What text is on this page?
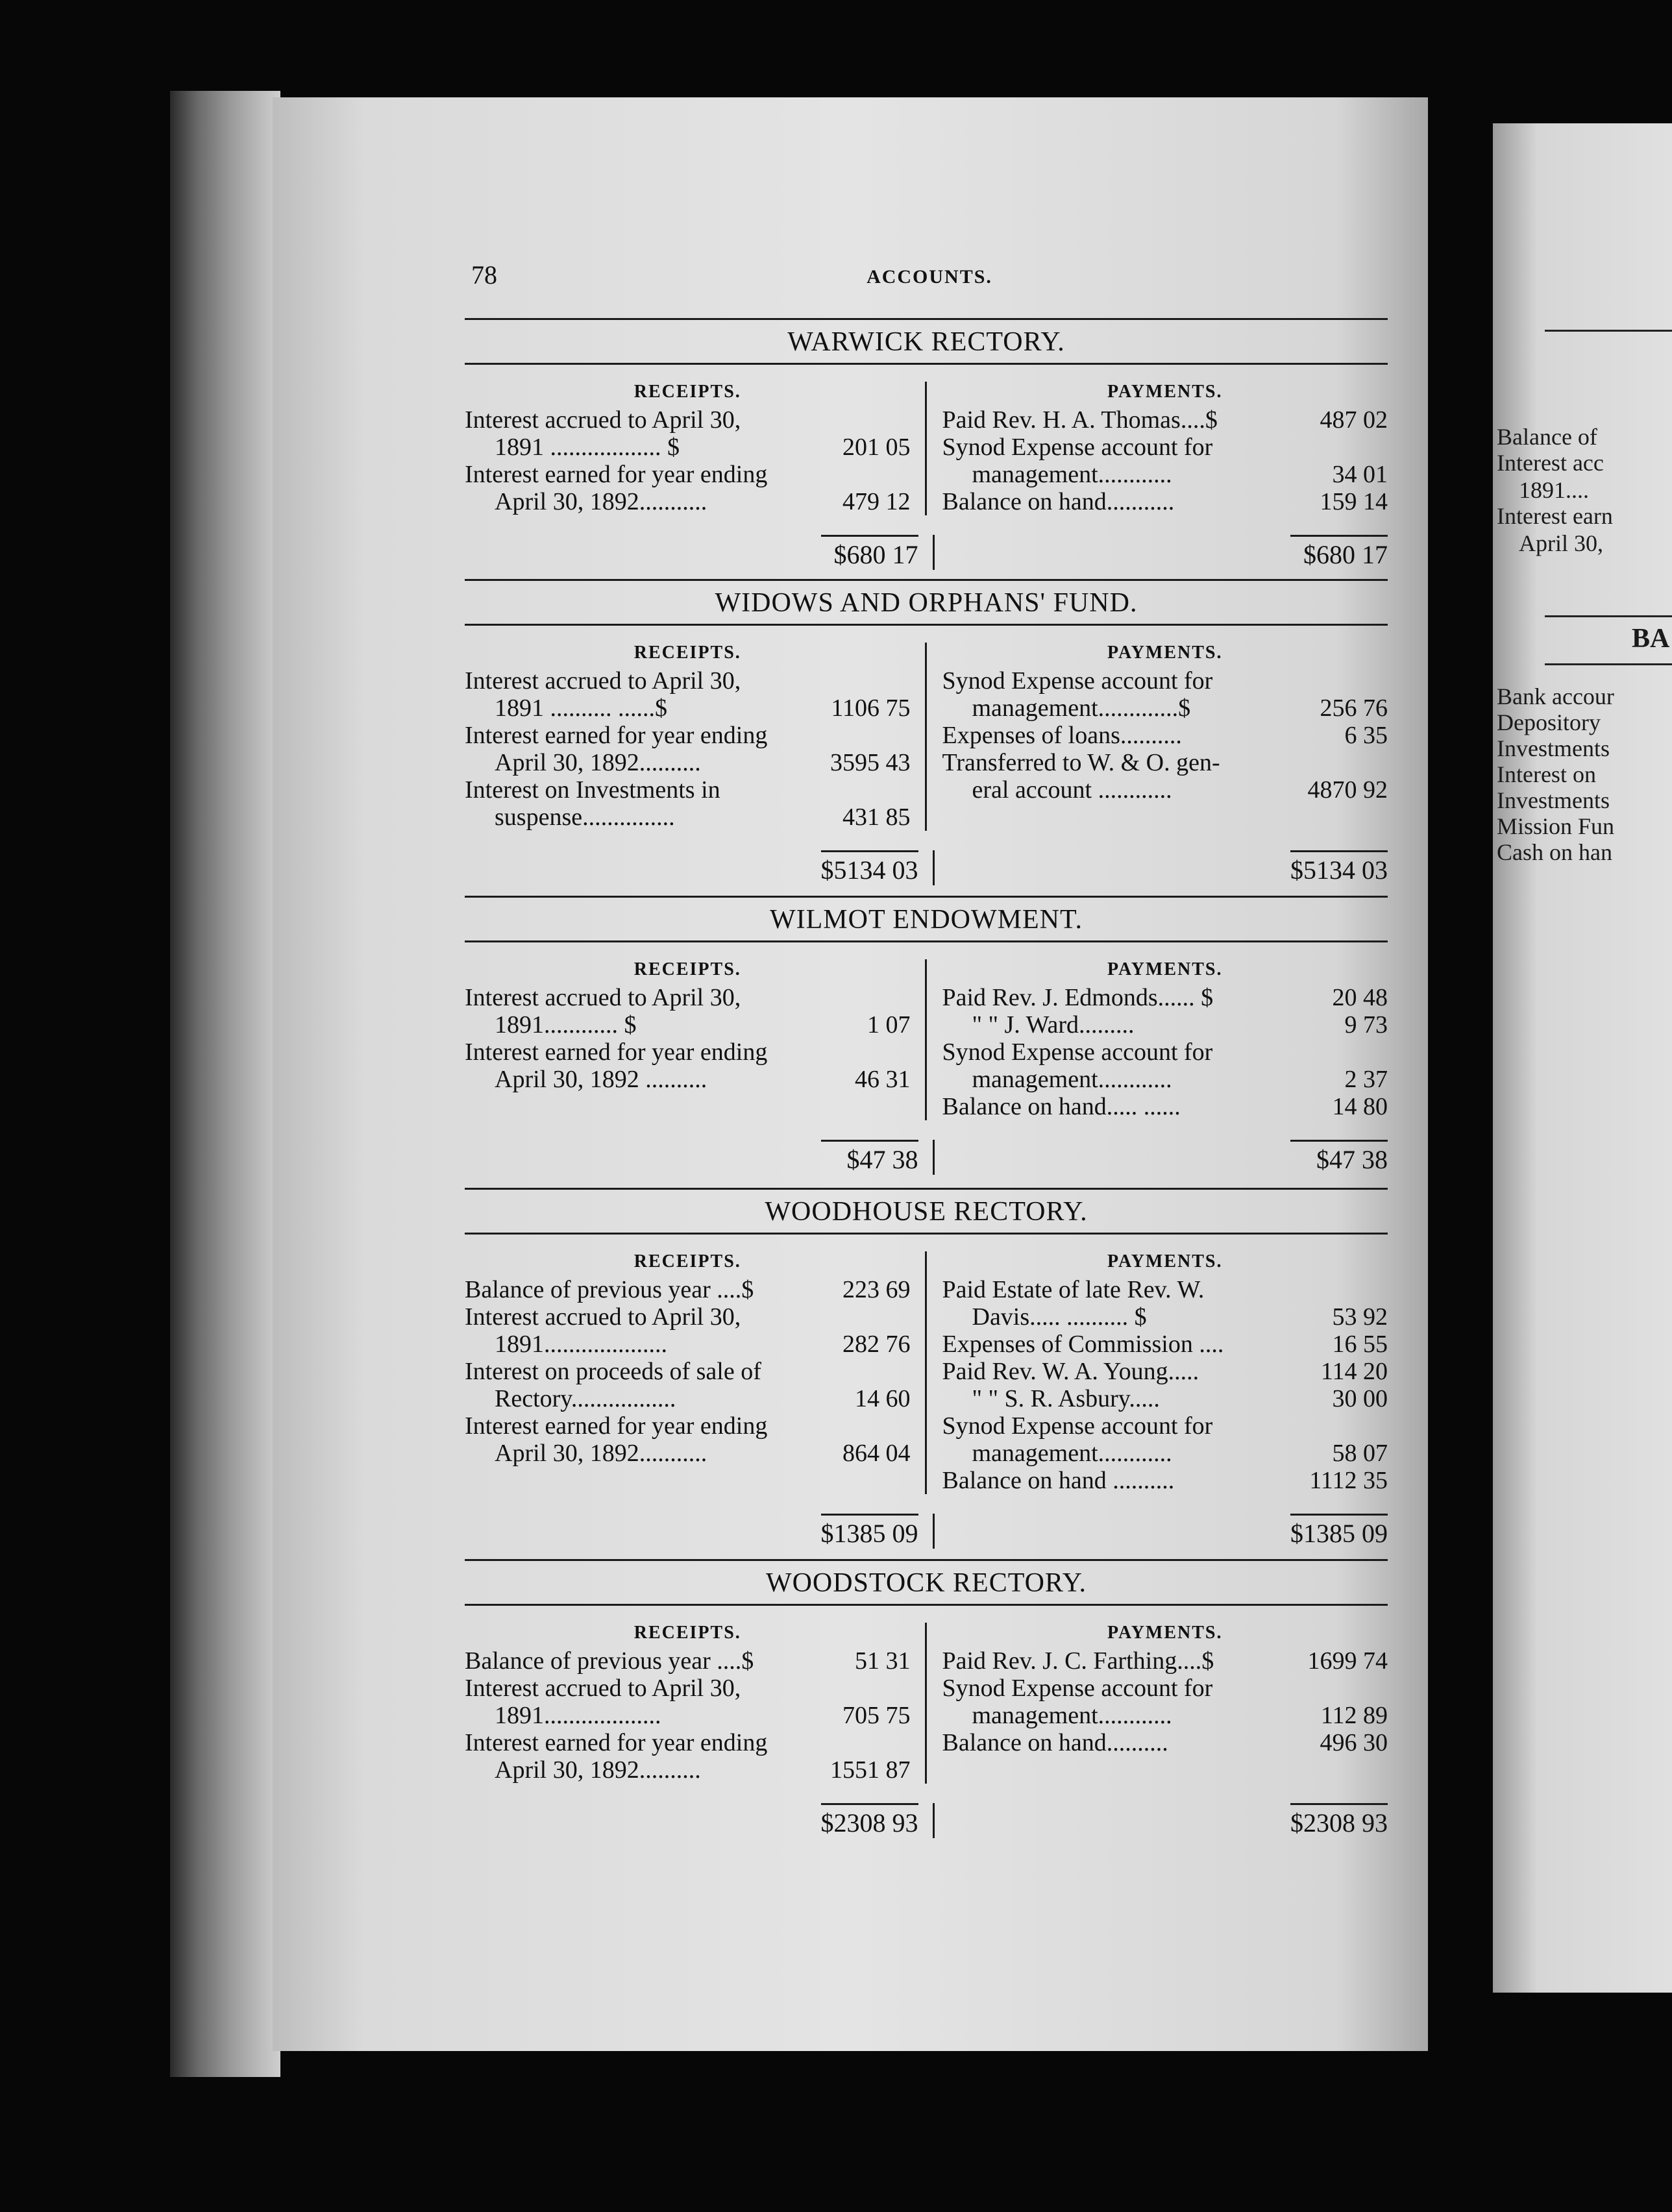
Balance of
Interest acc
1891....
Interest earn
April 30,
BA
Bank accour
Depository
Investments
Interest on
Investments
Mission Fun
Cash on han
78	ACCOUNTS.
WARWICK RECTORY.
RECEIPTS.
Interest accrued to April 30,
1891 .................. $	201 05
Interest earned for year ending
April 30, 1892...........	479 12
PAYMENTS.
Paid Rev. H. A. Thomas....$	487 02
Synod Expense account for
management............	34 01
Balance on hand...........	159 14
$680 17	$680 17
WIDOWS AND ORPHANS' FUND.
RECEIPTS.
Interest accrued to April 30,
1891 .......... ......$	1106 75
Interest earned for year ending
April 30, 1892..........	3595 43
Interest on Investments in
suspense...............	431 85
PAYMENTS.
Synod Expense account for
management.............$	256 76
Expenses of loans..........	6 35
Transferred to W. & O. gen-
eral account ............	4870 92
$5134 03	$5134 03
WILMOT ENDOWMENT.
RECEIPTS.
Interest accrued to April 30,
1891............ $	1 07
Interest earned for year ending
April 30, 1892 ..........	46 31
PAYMENTS.
Paid Rev. J. Edmonds...... $	20 48
" " J. Ward.........	9 73
Synod Expense account for
management............	2 37
Balance on hand..... ......	14 80
$47 38	$47 38
WOODHOUSE RECTORY.
RECEIPTS.
Balance of previous year ....$	223 69
Interest accrued to April 30,
1891....................	282 76
Interest on proceeds of sale of
Rectory.................	14 60
Interest earned for year ending
April 30, 1892...........	864 04
PAYMENTS.
Paid Estate of late Rev. W.
Davis..... .......... $	53 92
Expenses of Commission ....	16 55
Paid Rev. W. A. Young.....	114 20
" " S. R. Asbury.....	30 00
Synod Expense account for
management............	58 07
Balance on hand ..........	1112 35
$1385 09	$1385 09
WOODSTOCK RECTORY.
RECEIPTS.
Balance of previous year ....$	51 31
Interest accrued to April 30,
1891...................	705 75
Interest earned for year ending
April 30, 1892..........	1551 87
PAYMENTS.
Paid Rev. J. C. Farthing....$	1699 74
Synod Expense account for
management............	112 89
Balance on hand..........	496 30
$2308 93	$2308 93
